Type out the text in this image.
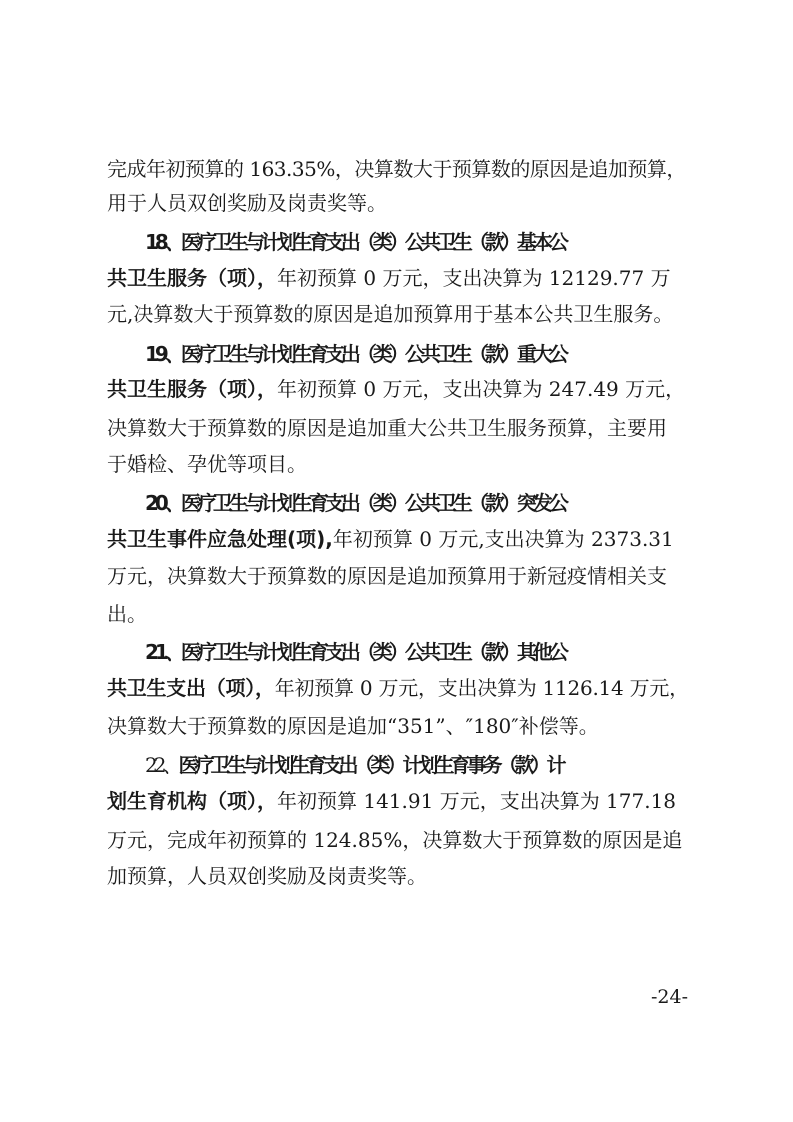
完成年初预算的 163.35%，决算数大于预算数的原因是追加预算，
用于人员双创奖励及岗责奖等。
18、医疗卫生与计划生育支出（类）公共卫生（款）基本公
共卫生服务（项），年初预算 0 万元，支出决算为 12129.77 万
元,决算数大于预算数的原因是追加预算用于基本公共卫生服务。
19、医疗卫生与计划生育支出（类）公共卫生（款）重大公
共卫生服务（项），年初预算 0 万元，支出决算为 247.49 万元，
决算数大于预算数的原因是追加重大公共卫生服务预算，主要用
于婚检、孕优等项目。
20、医疗卫生与计划生育支出（类）公共卫生（款）突发公
共卫生事件应急处理(项),年初预算 0 万元,支出决算为 2373.31
万元，决算数大于预算数的原因是追加预算用于新冠疫情相关支
出。
21、医疗卫生与计划生育支出（类）公共卫生（款）其他公
共卫生支出（项），年初预算 0 万元，支出决算为 1126.14 万元，
决算数大于预算数的原因是追加“351”、″180″补偿等。
22、医疗卫生与计划生育支出（类）计划生育事务（款）计
划生育机构（项），年初预算 141.91 万元，支出决算为 177.18
万元，完成年初预算的 124.85%，决算数大于预算数的原因是追
加预算，人员双创奖励及岗责奖等。
-24-
